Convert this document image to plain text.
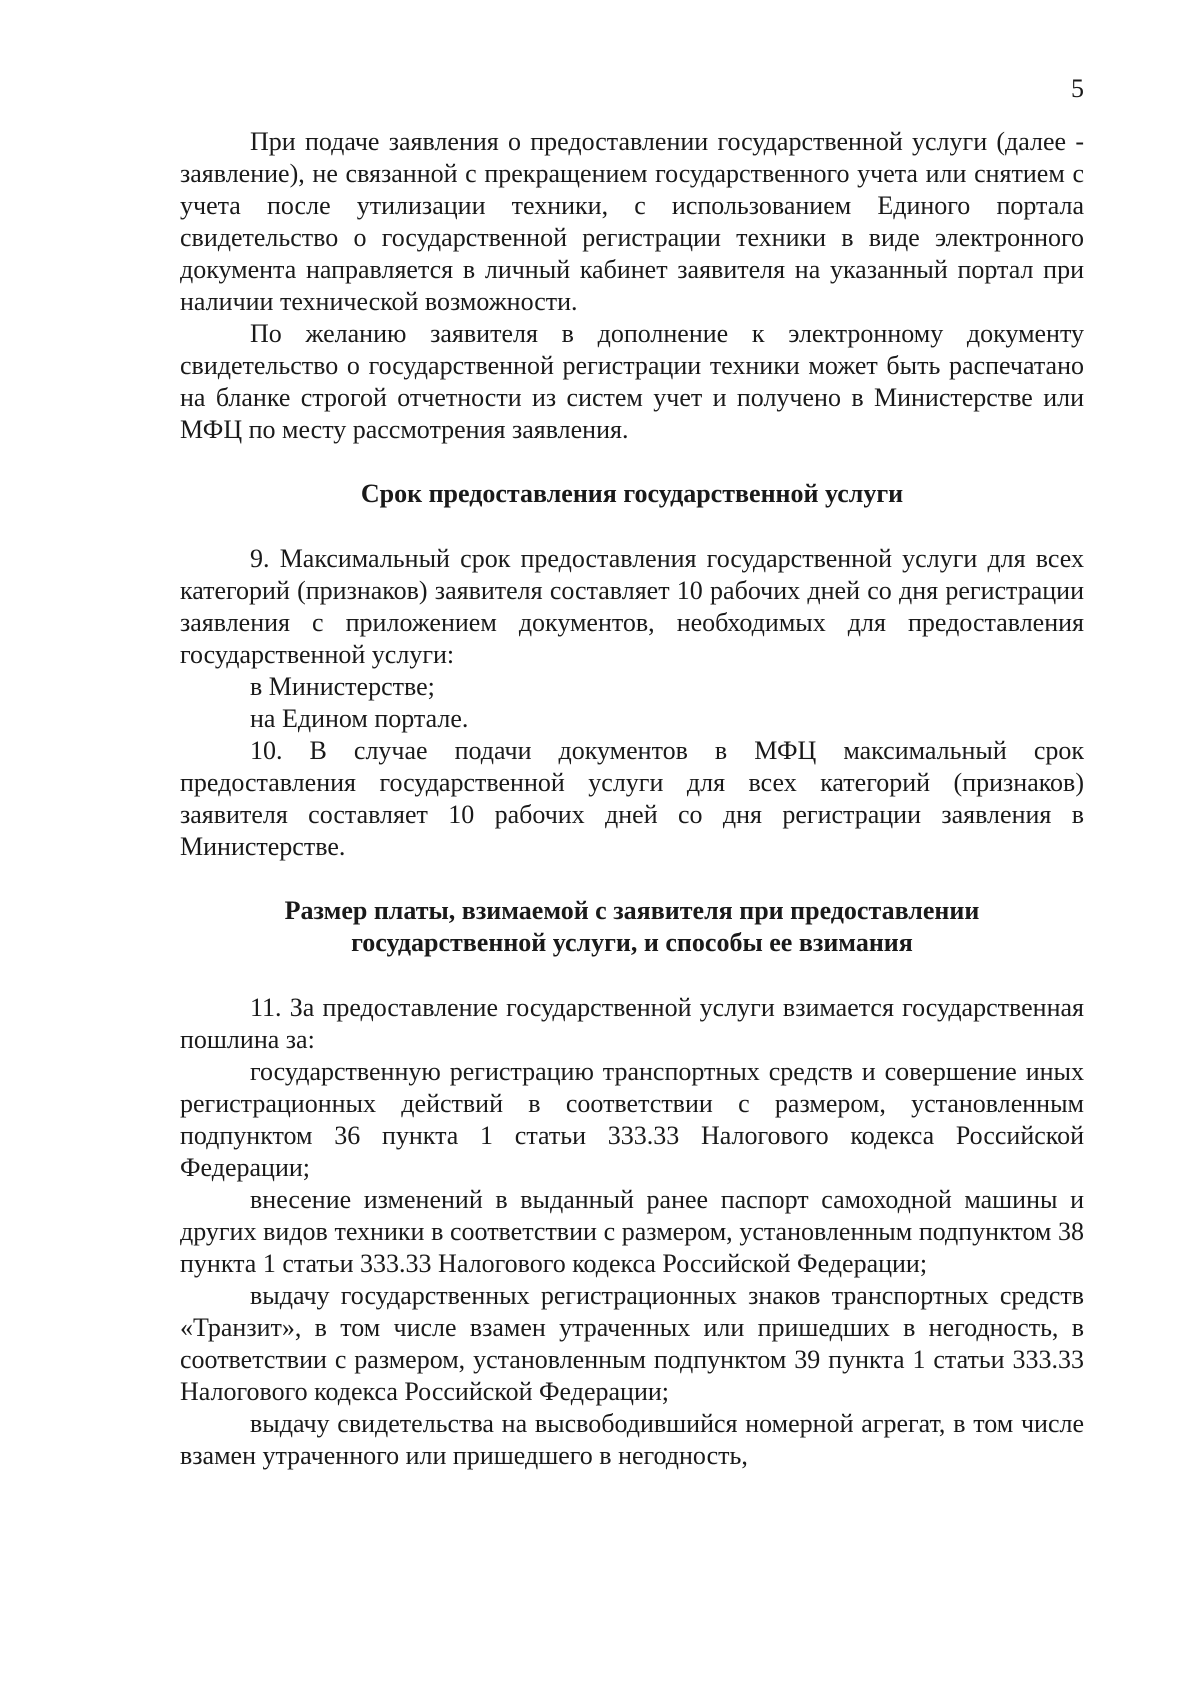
5

При подаче заявления о предоставлении государственной услуги (далее - заявление), не связанной с прекращением государственного учета или снятием с учета после утилизации техники, с использованием Единого портала свидетельство о государственной регистрации техники в виде электронного документа направляется в личный кабинет заявителя на указанный портал при наличии технической возможности.

По желанию заявителя в дополнение к электронному документу свидетельство о государственной регистрации техники может быть распечатано на бланке строгой отчетности из систем учет и получено в Министерстве или МФЦ по месту рассмотрения заявления.

Срок предоставления государственной услуги

9. Максимальный срок предоставления государственной услуги для всех категорий (признаков) заявителя составляет 10 рабочих дней со дня регистрации заявления с приложением документов, необходимых для предоставления государственной услуги:

в Министерстве;

на Едином портале.

10. В случае подачи документов в МФЦ максимальный срок предоставления государственной услуги для всех категорий (признаков) заявителя составляет 10 рабочих дней со дня регистрации заявления в Министерстве.

Размер платы, взимаемой с заявителя при предоставлении
государственной услуги, и способы ее взимания

11. За предоставление государственной услуги взимается государственная пошлина за:

государственную регистрацию транспортных средств и совершение иных регистрационных действий в соответствии с размером, установленным подпунктом 36 пункта 1 статьи 333.33 Налогового кодекса Российской Федерации;

внесение изменений в выданный ранее паспорт самоходной машины и других видов техники в соответствии с размером, установленным подпунктом 38 пункта 1 статьи 333.33 Налогового кодекса Российской Федерации;

выдачу государственных регистрационных знаков транспортных средств «Транзит», в том числе взамен утраченных или пришедших в негодность, в соответствии с размером, установленным подпунктом 39 пункта 1 статьи 333.33 Налогового кодекса Российской Федерации;

выдачу свидетельства на высвободившийся номерной агрегат, в том числе взамен утраченного или пришедшего в негодность,
